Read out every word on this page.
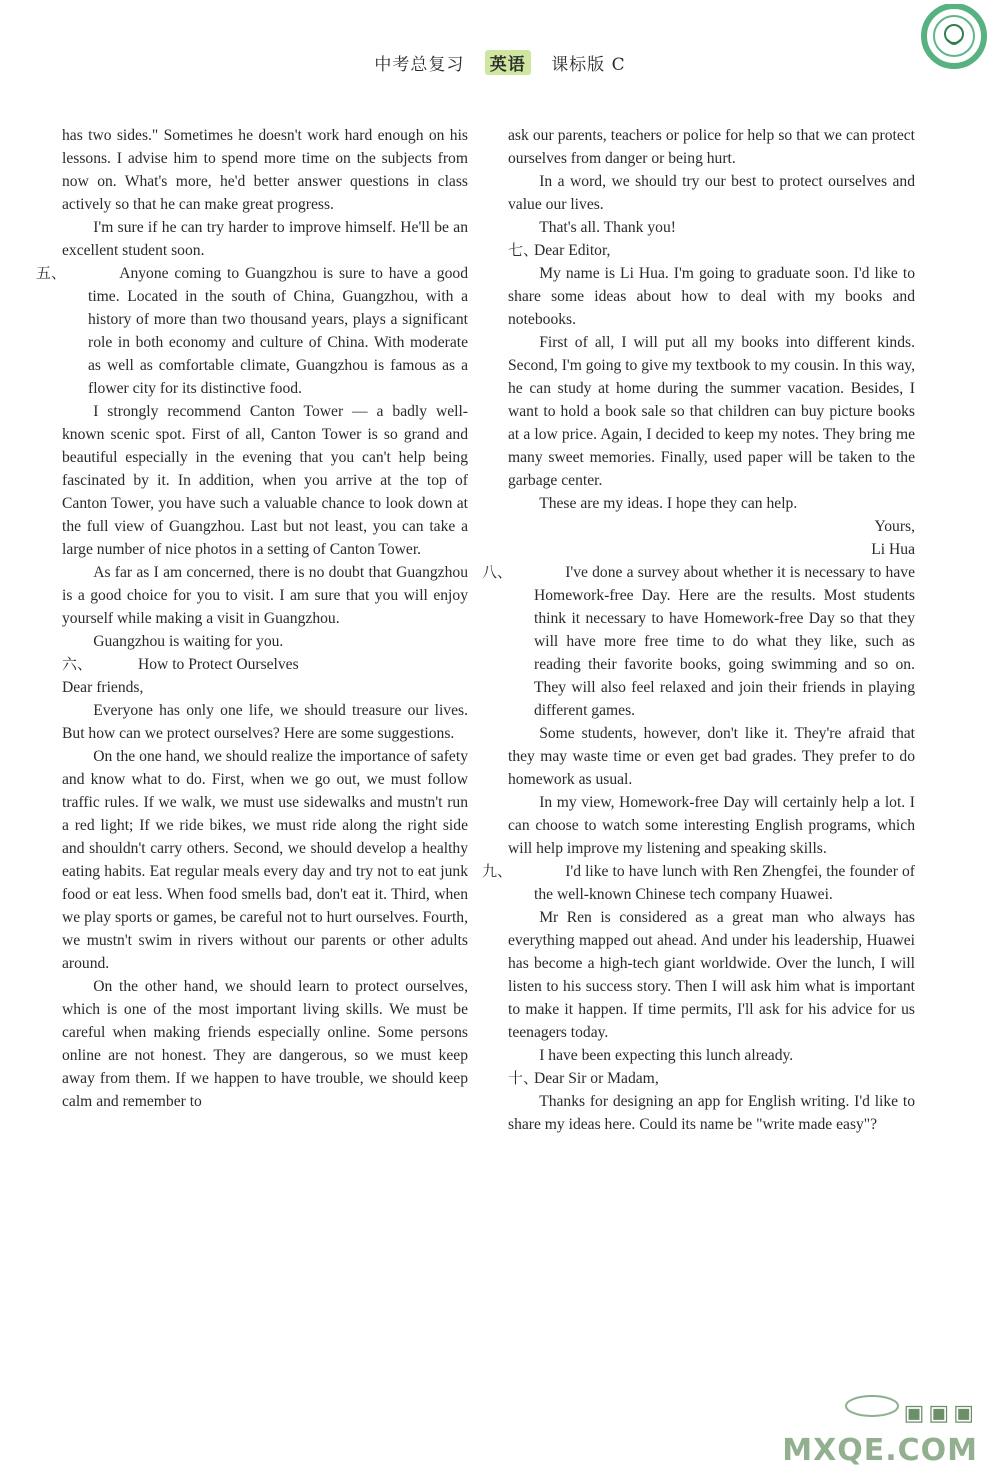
中考总复习 英语 课标版 C
has two sides." Sometimes he doesn't work hard enough on his lessons. I advise him to spend more time on the subjects from now on. What's more, he'd better answer questions in class actively so that he can make great progress.
I'm sure if he can try harder to improve himself. He'll be an excellent student soon.
五、	Anyone coming to Guangzhou is sure to have a good time. Located in the south of China, Guangzhou, with a history of more than two thousand years, plays a significant role in both economy and culture of China. With moderate as well as comfortable climate, Guangzhou is famous as a flower city for its distinctive food.
I strongly recommend Canton Tower — a badly well-known scenic spot. First of all, Canton Tower is so grand and beautiful especially in the evening that you can't help being fascinated by it. In addition, when you arrive at the top of Canton Tower, you have such a valuable chance to look down at the full view of Guangzhou. Last but not least, you can take a large number of nice photos in a setting of Canton Tower.
As far as I am concerned, there is no doubt that Guangzhou is a good choice for you to visit. I am sure that you will enjoy yourself while making a visit in Guangzhou.
Guangzhou is waiting for you.
六、	How to Protect Ourselves
Dear friends,
Everyone has only one life, we should treasure our lives. But how can we protect ourselves? Here are some suggestions.
On the one hand, we should realize the importance of safety and know what to do. First, when we go out, we must follow traffic rules. If we walk, we must use sidewalks and mustn't run a red light; If we ride bikes, we must ride along the right side and shouldn't carry others. Second, we should develop a healthy eating habits. Eat regular meals every day and try not to eat junk food or eat less. When food smells bad, don't eat it. Third, when we play sports or games, be careful not to hurt ourselves. Fourth, we mustn't swim in rivers without our parents or other adults around.
On the other hand, we should learn to protect ourselves, which is one of the most important living skills. We must be careful when making friends especially online. Some persons online are not honest. They are dangerous, so we must keep away from them. If we happen to have trouble, we should keep calm and remember to
ask our parents, teachers or police for help so that we can protect ourselves from danger or being hurt.
In a word, we should try our best to protect ourselves and value our lives.
That's all. Thank you!
七、Dear Editor,
My name is Li Hua. I'm going to graduate soon. I'd like to share some ideas about how to deal with my books and notebooks.
First of all, I will put all my books into different kinds. Second, I'm going to give my textbook to my cousin. In this way, he can study at home during the summer vacation. Besides, I want to hold a book sale so that children can buy picture books at a low price. Again, I decided to keep my notes. They bring me many sweet memories. Finally, used paper will be taken to the garbage center.
These are my ideas. I hope they can help.
Yours,
Li Hua
八、	I've done a survey about whether it is necessary to have Homework-free Day. Here are the results. Most students think it necessary to have Homework-free Day so that they will have more free time to do what they like, such as reading their favorite books, going swimming and so on. They will also feel relaxed and join their friends in playing different games.
Some students, however, don't like it. They're afraid that they may waste time or even get bad grades. They prefer to do homework as usual.
In my view, Homework-free Day will certainly help a lot. I can choose to watch some interesting English programs, which will help improve my listening and speaking skills.
九、	I'd like to have lunch with Ren Zhengfei, the founder of the well-known Chinese tech company Huawei.
Mr Ren is considered as a great man who always has everything mapped out ahead. And under his leadership, Huawei has become a high-tech giant worldwide. Over the lunch, I will listen to his success story. Then I will ask him what is important to make it happen. If time permits, I'll ask for his advice for us teenagers today.
I have been expecting this lunch already.
十、Dear Sir or Madam,
Thanks for designing an app for English writing. I'd like to share my ideas here. Could its name be "write made easy"?
▣▣▣
MXQE.COM
